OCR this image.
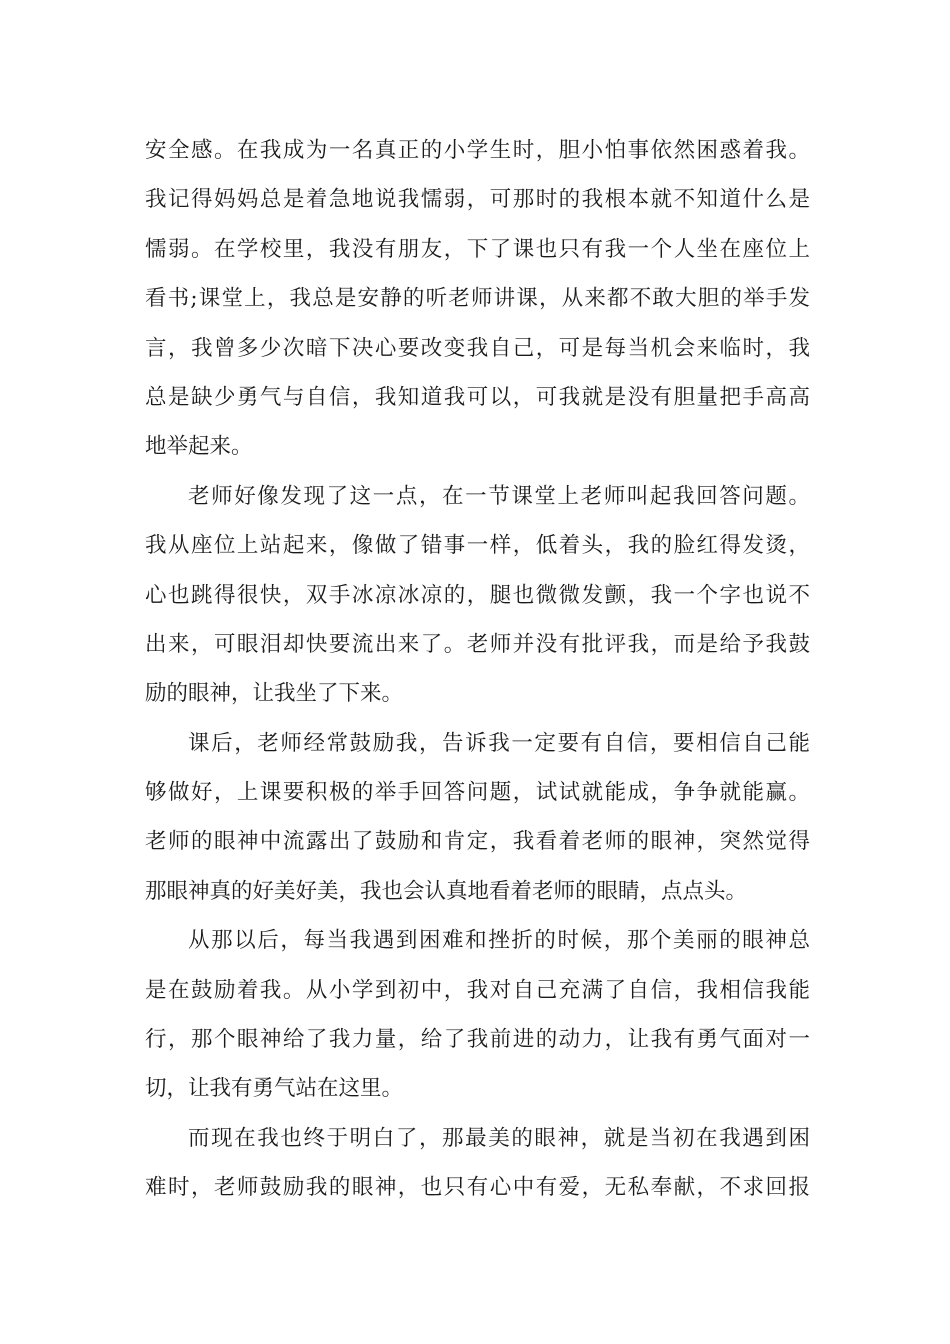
安全感。在我成为一名真正的小学生时，胆小怕事依然困惑着我。
我记得妈妈总是着急地说我懦弱，可那时的我根本就不知道什么是
懦弱。在学校里，我没有朋友，下了课也只有我一个人坐在座位上
看书;课堂上，我总是安静的听老师讲课，从来都不敢大胆的举手发
言，我曾多少次暗下决心要改变我自己，可是每当机会来临时，我
总是缺少勇气与自信，我知道我可以，可我就是没有胆量把手高高
地举起来。
老师好像发现了这一点，在一节课堂上老师叫起我回答问题。
我从座位上站起来，像做了错事一样，低着头，我的脸红得发烫，
心也跳得很快，双手冰凉冰凉的，腿也微微发颤，我一个字也说不
出来，可眼泪却快要流出来了。老师并没有批评我，而是给予我鼓
励的眼神，让我坐了下来。
课后，老师经常鼓励我，告诉我一定要有自信，要相信自己能
够做好，上课要积极的举手回答问题，试试就能成，争争就能赢。
老师的眼神中流露出了鼓励和肯定，我看着老师的眼神，突然觉得
那眼神真的好美好美，我也会认真地看着老师的眼睛，点点头。
从那以后，每当我遇到困难和挫折的时候，那个美丽的眼神总
是在鼓励着我。从小学到初中，我对自己充满了自信，我相信我能
行，那个眼神给了我力量，给了我前进的动力，让我有勇气面对一
切，让我有勇气站在这里。
而现在我也终于明白了，那最美的眼神，就是当初在我遇到困
难时，老师鼓励我的眼神，也只有心中有爱，无私奉献，不求回报
